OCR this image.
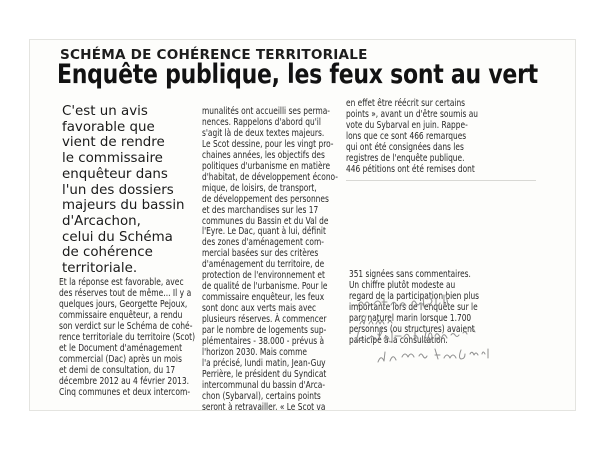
SCHÉMA DE COHÉRENCE TERRITORIALE
Enquête publique, les feux sont au vert
C'est un avis
favorable que
vient de rendre
le commissaire
enquêteur dans
l'un des dossiers
majeurs du bassin
d'Arcachon,
celui du Schéma
de cohérence
territoriale.
Et la réponse est favorable, avec
des réserves tout de même... Il y a
quelques jours, Georgette Pejoux,
commissaire enquêteur, a rendu
son verdict sur le Schéma de cohé-
rence territoriale du territoire (Scot)
et le Document d'aménagement
commercial (Dac) après un mois
et demi de consultation, du 17
décembre 2012 au 4 février 2013.
Cinq communes et deux intercom-
munalités ont accueilli ses perma-
nences. Rappelons d'abord qu'il
s'agit là de deux textes majeurs.
Le Scot dessine, pour les vingt pro-
chaines années, les objectifs des
politiques d'urbanisme en matière
d'habitat, de développement écono-
mique, de loisirs, de transport,
de développement des personnes
et des marchandises sur les 17
communes du Bassin et du Val de
l'Eyre. Le Dac, quant à lui, définit
des zones d'aménagement com-
mercial basées sur des critères
d'aménagement du territoire, de
protection de l'environnement et
de qualité de l'urbanisme. Pour le
commissaire enquêteur, les feux
sont donc aux verts mais avec
plusieurs réserves. À commencer
par le nombre de logements sup-
plémentaires - 38.000 - prévus à
l'horizon 2030. Mais comme
l'a précisé, lundi matin, Jean-Guy
Perrière, le président du Syndicat
intercommunal du bassin d'Arca-
chon (Sybarval), certains points
seront à retravailler. « Le Scot va
en effet être réécrit sur certains
points », avant un d'être soumis au
vote du Sybarval en juin. Rappe-
lons que ce sont 466 remarques
qui ont été consignées dans les
registres de l'enquête publique.
446 pétitions ont été remises dont
351 signées sans commentaires.
Un chiffre plutôt modeste au
regard de la participation bien plus
importante lors de l'enquête sur le
parc naturel marin lorsque 1.700
personnes (ou structures) avaient
participé à la consultation.
